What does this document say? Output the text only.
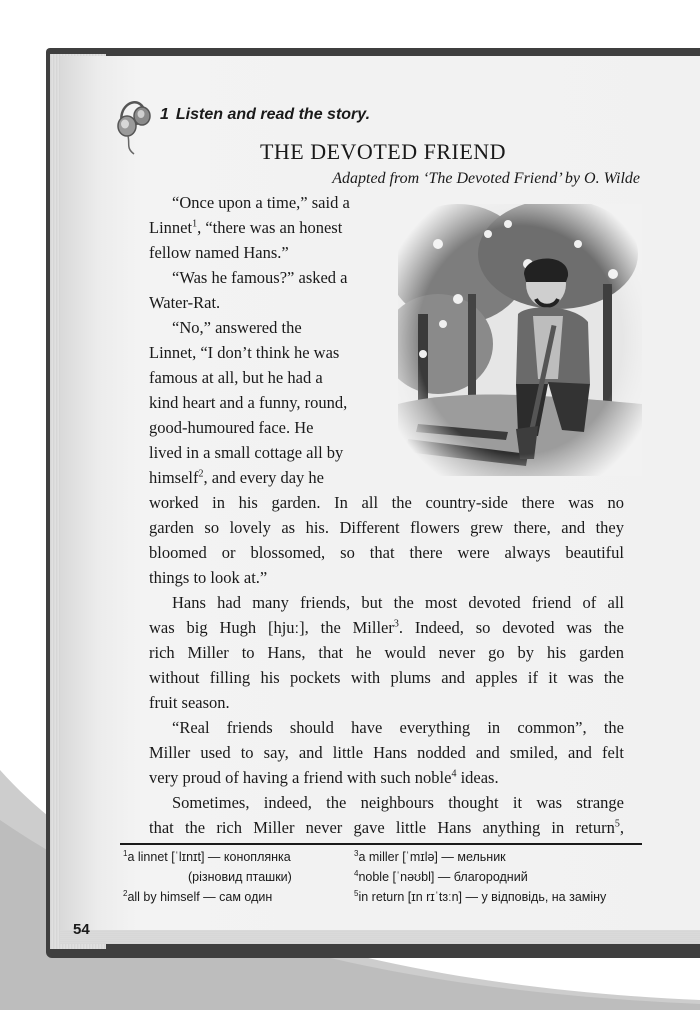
1 Listen and read the story.
THE DEVOTED FRIEND
Adapted from ‘The Devoted Friend’ by O. Wilde
“Once upon a time,” said a
Linnet$^1$, “there was an honest
fellow named Hans.”
“Was he famous?” asked a
Water-Rat.
“No,” answered the
Linnet, “I don’t think he was
famous at all, but he had a
kind heart and a funny, round,
good-humoured face. He
lived in a small cottage all by
himself$^2$, and every day he
worked in his garden. In all the country-side there was no
garden so lovely as his. Different flowers grew there, and they
bloomed or blossomed, so that there were always beautiful
things to look at.”
Hans had many friends, but the most devoted friend of all
was big Hugh [hjuː], the Miller$^3$. Indeed, so devoted was the
rich Miller to Hans, that he would never go by his garden
without filling his pockets with plums and apples if it was the
fruit season.
“Real friends should have everything in common”, the
Miller used to say, and little Hans nodded and smiled, and felt
very proud of having a friend with such noble$^4$ ideas.
Sometimes, indeed, the neighbours thought it was strange
that the rich Miller never gave little Hans anything in return$^5$,
$^1$a linnet [ˈlɪnɪt] — коноплянка
(різновид пташки)
$^2$all by himself — сам один
$^3$a miller [ˈmɪlə] — мельник
$^4$noble [ˈnəʊbl] — благородний
$^5$in return [ɪn rɪˈtɜːn] — у відповідь, на заміну
54
